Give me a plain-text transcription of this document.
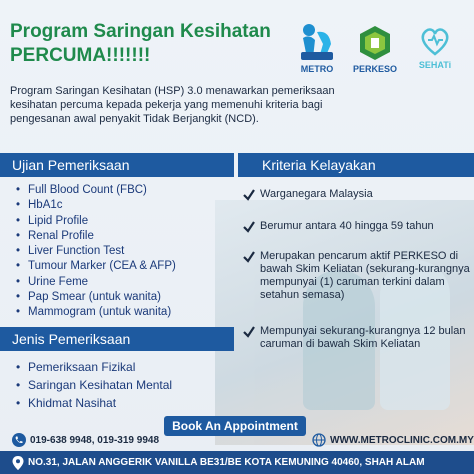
Program Saringan Kesihatan
PERCUMA!!!!!!!
METRO PERKESO SEHATi
Program Saringan Kesihatan (HSP) 3.0 menawarkan pemeriksaan kesihatan percuma kepada pekerja yang memenuhi kriteria bagi pengesanan awal penyakit Tidak Berjangkit (NCD).
Ujian Pemeriksaan	Kriteria Kelayakan
• Full Blood Count (FBC)
• HbA1c
• Lipid Profile
• Renal Profile
• Liver Function Test
• Tumour Marker (CEA & AFP)
• Urine Feme
• Pap Smear (untuk wanita)
• Mammogram (untuk wanita)
Warganegara Malaysia
Berumur antara 40 hingga 59 tahun
Merupakan pencarum aktif PERKESO di bawah Skim Keliatan (sekurang-kurangnya mempunyai (1) caruman terkini dalam setahun semasa)
Mempunyai sekurang-kurangnya 12 bulan caruman di bawah Skim Keliatan
Jenis Pemeriksaan
• Pemeriksaan Fizikal
• Saringan Kesihatan Mental
• Khidmat Nasihat
Book An Appointment
019-638 9948, 019-319 9948	WWW.METROCLINIC.COM.MY
NO.31, JALAN ANGGERIK VANILLA BE31/BE KOTA KEMUNING 40460, SHAH ALAM
